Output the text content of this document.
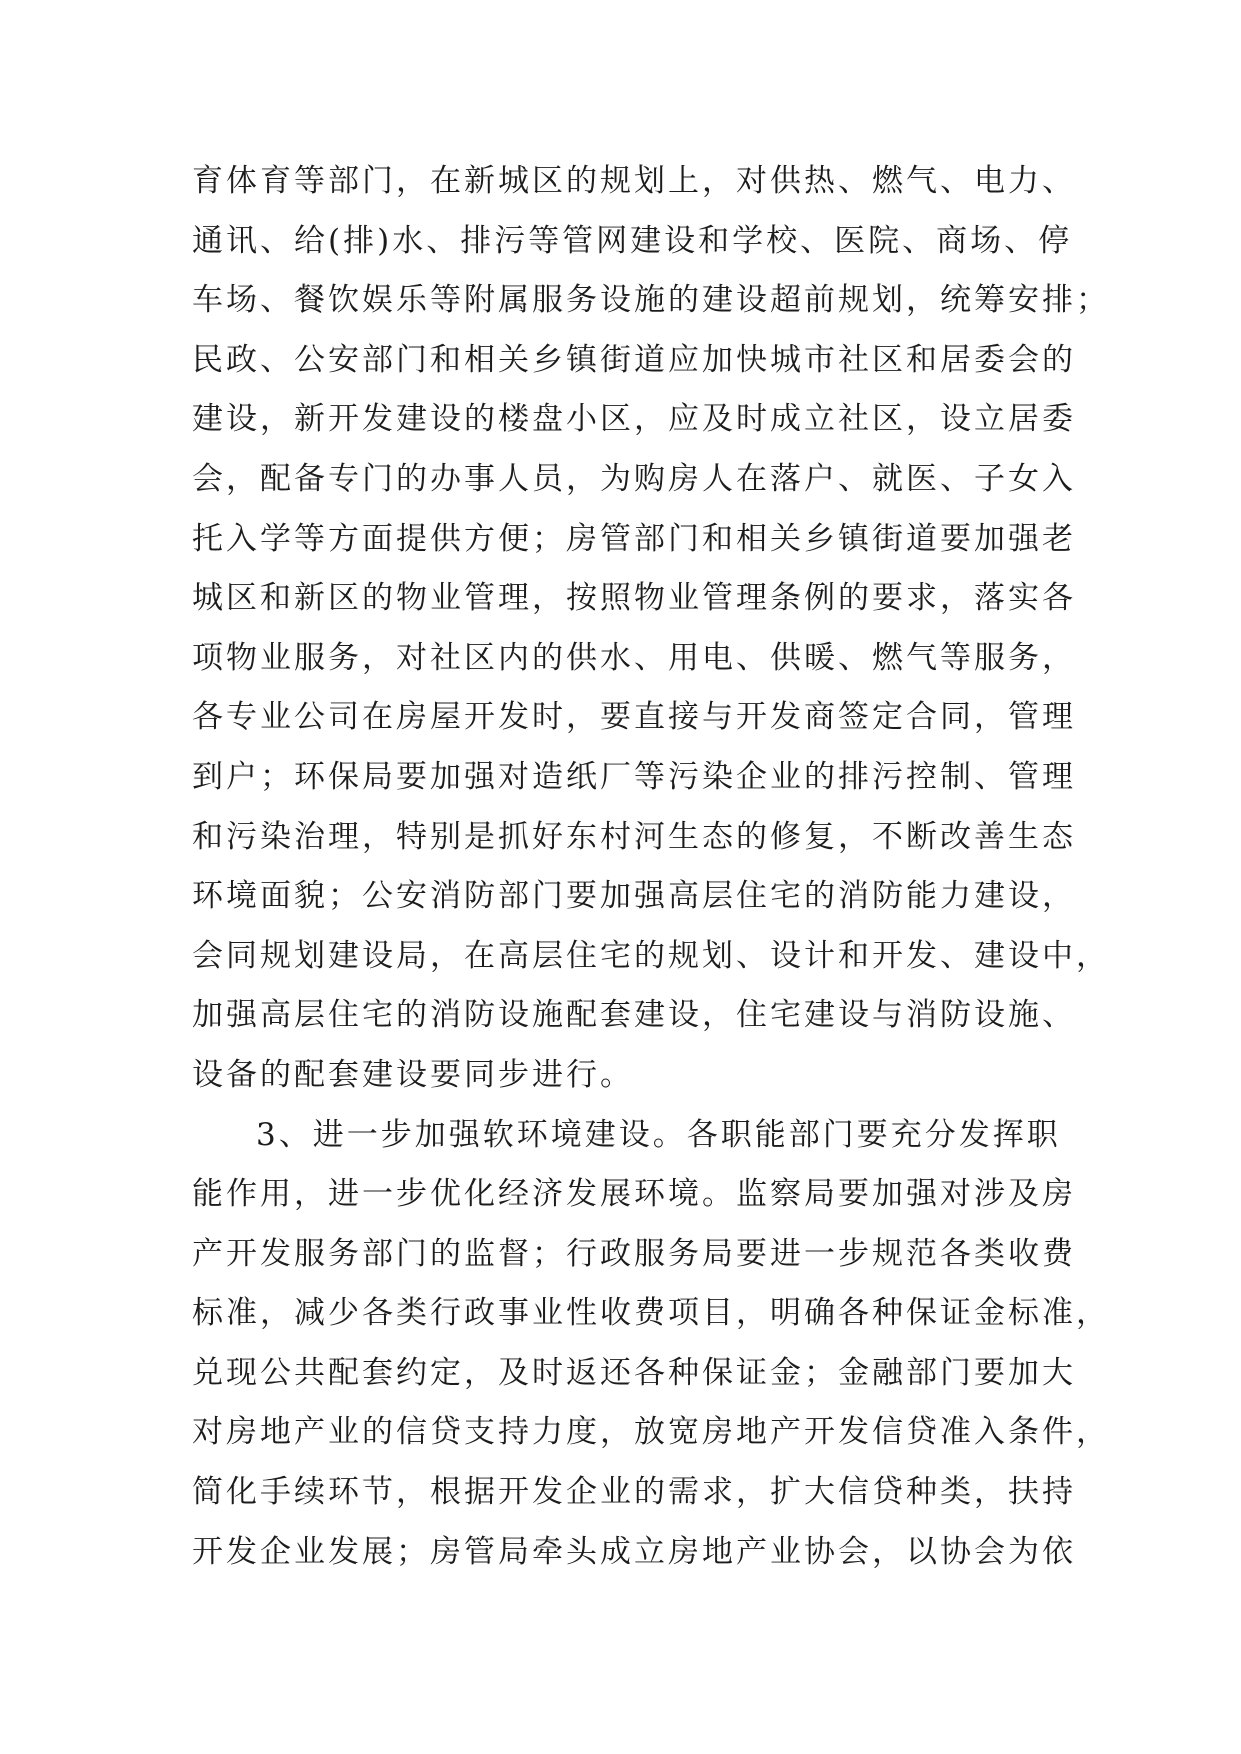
育体育等部门，在新城区的规划上，对供热、燃气、电力、
通讯、给(排)水、排污等管网建设和学校、医院、商场、停
车场、餐饮娱乐等附属服务设施的建设超前规划，统筹安排；
民政、公安部门和相关乡镇街道应加快城市社区和居委会的
建设，新开发建设的楼盘小区，应及时成立社区，设立居委
会，配备专门的办事人员，为购房人在落户、就医、子女入
托入学等方面提供方便；房管部门和相关乡镇街道要加强老
城区和新区的物业管理，按照物业管理条例的要求，落实各
项物业服务，对社区内的供水、用电、供暖、燃气等服务，
各专业公司在房屋开发时，要直接与开发商签定合同，管理
到户；环保局要加强对造纸厂等污染企业的排污控制、管理
和污染治理，特别是抓好东村河生态的修复，不断改善生态
环境面貌；公安消防部门要加强高层住宅的消防能力建设，
会同规划建设局，在高层住宅的规划、设计和开发、建设中，
加强高层住宅的消防设施配套建设，住宅建设与消防设施、
设备的配套建设要同步进行。
3、进一步加强软环境建设。各职能部门要充分发挥职
能作用，进一步优化经济发展环境。监察局要加强对涉及房
产开发服务部门的监督；行政服务局要进一步规范各类收费
标准，减少各类行政事业性收费项目，明确各种保证金标准，
兑现公共配套约定，及时返还各种保证金；金融部门要加大
对房地产业的信贷支持力度，放宽房地产开发信贷准入条件，
简化手续环节，根据开发企业的需求，扩大信贷种类，扶持
开发企业发展；房管局牵头成立房地产业协会，以协会为依
